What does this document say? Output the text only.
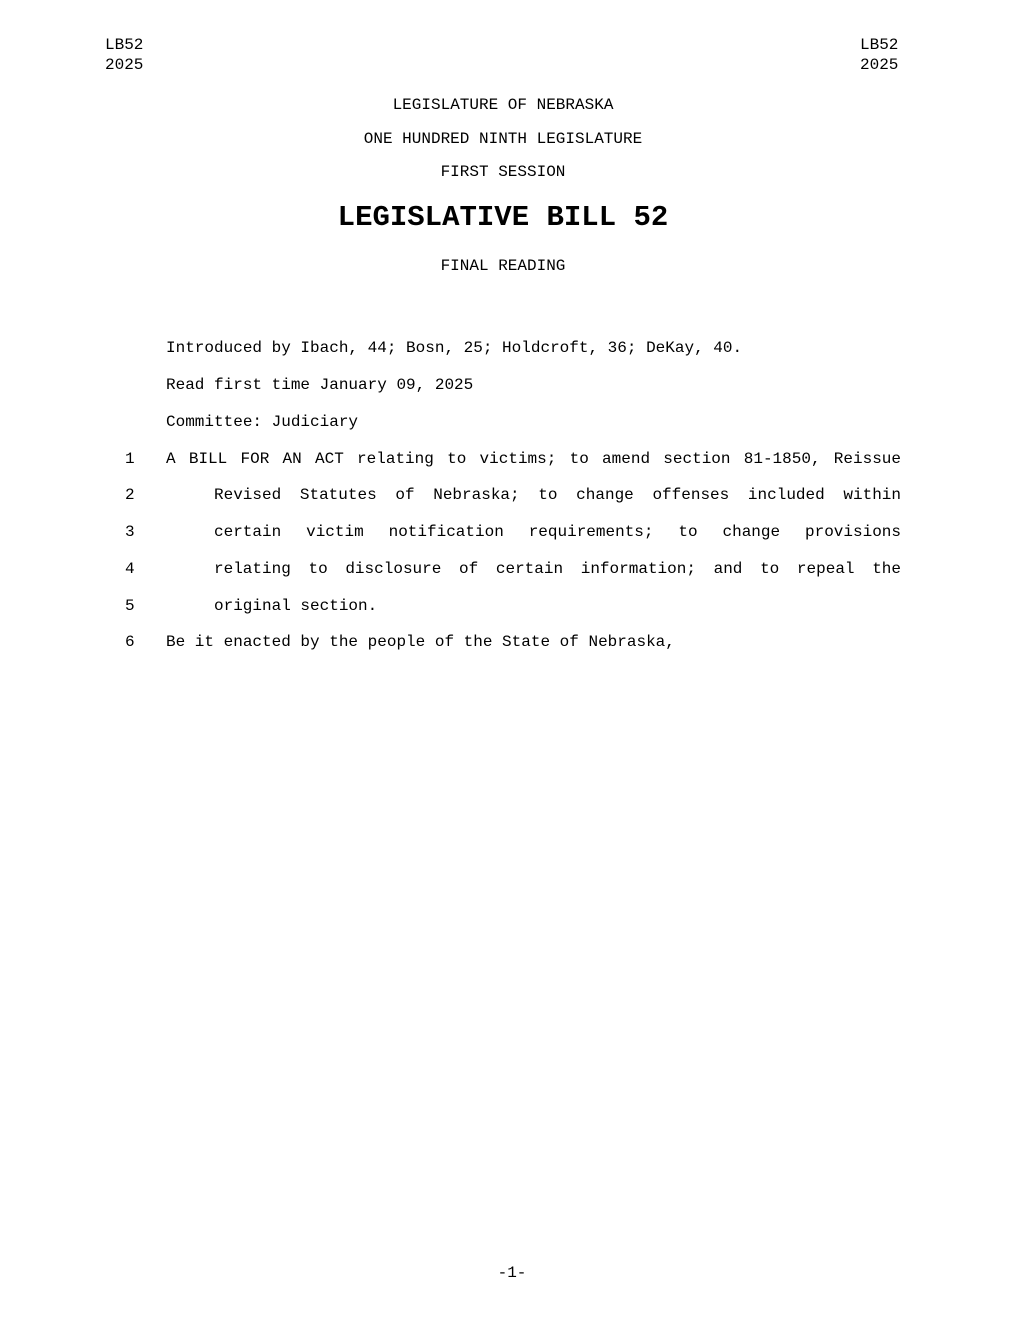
LB52
2025
LB52
2025
LEGISLATURE OF NEBRASKA
ONE HUNDRED NINTH LEGISLATURE
FIRST SESSION
LEGISLATIVE BILL 52
FINAL READING
Introduced by Ibach, 44; Bosn, 25; Holdcroft, 36; DeKay, 40.
Read first time January 09, 2025
Committee: Judiciary
1 A BILL FOR AN ACT relating to victims; to amend section 81-1850, Reissue
2	Revised Statutes of Nebraska; to change offenses included within
3	certain victim notification requirements; to change provisions
4	relating to disclosure of certain information; and to repeal the
5	original section.
6 Be it enacted by the people of the State of Nebraska,
-1-
